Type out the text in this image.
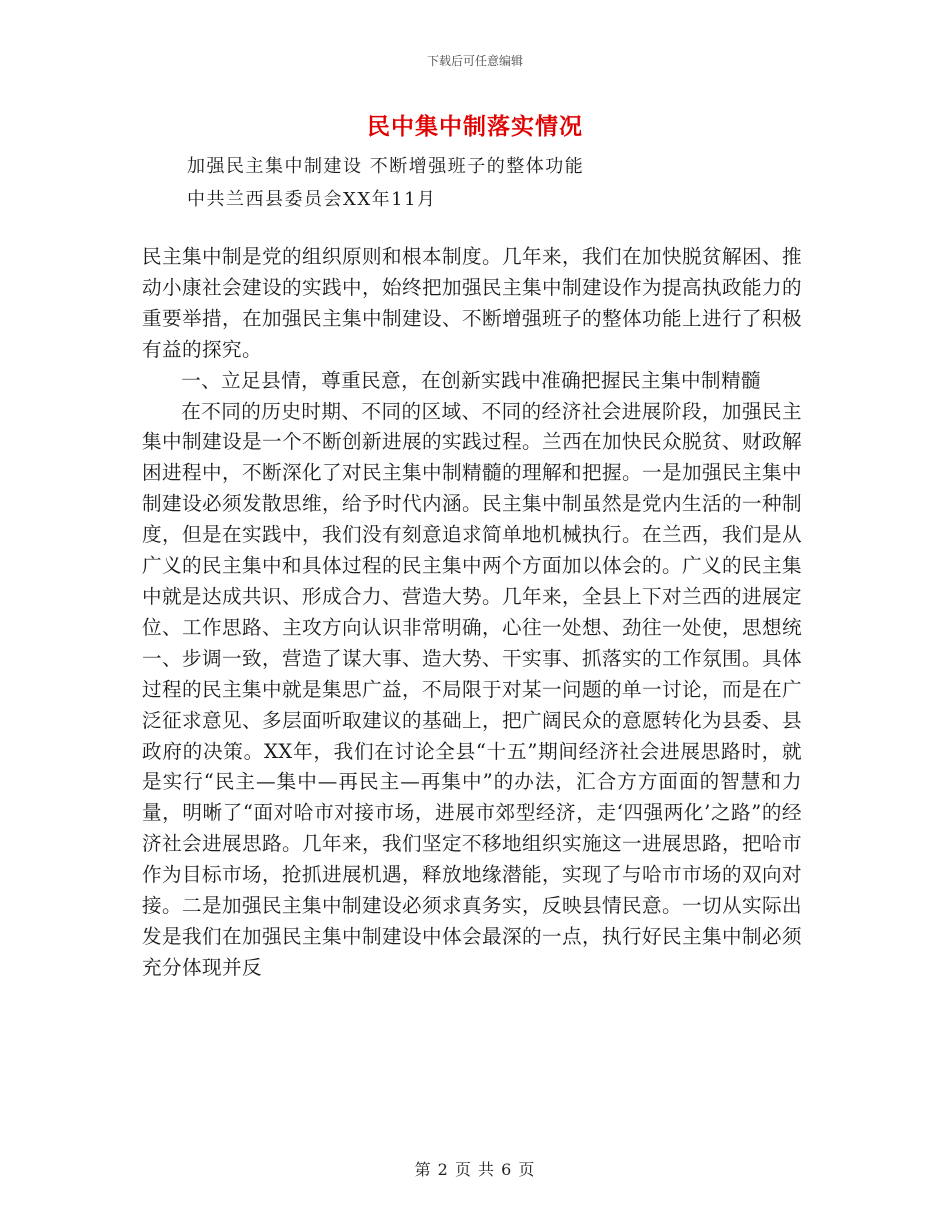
下载后可任意编辑
民中集中制落实情况
加强民主集中制建设 不断增强班子的整体功能
中共兰西县委员会XX年11月

民主集中制是党的组织原则和根本制度。几年来，我们在加快脱贫解困、推动小康社会建设的实践中，始终把加强民主集中制建设作为提高执政能力的重要举措，在加强民主集中制建设、不断增强班子的整体功能上进行了积极有益的探究。

一、立足县情，尊重民意，在创新实践中准确把握民主集中制精髓

在不同的历史时期、不同的区域、不同的经济社会进展阶段，加强民主集中制建设是一个不断创新进展的实践过程。兰西在加快民众脱贫、财政解困进程中，不断深化了对民主集中制精髓的理解和把握。一是加强民主集中制建设必须发散思维，给予时代内涵。民主集中制虽然是党内生活的一种制度，但是在实践中，我们没有刻意追求简单地机械执行。在兰西，我们是从广义的民主集中和具体过程的民主集中两个方面加以体会的。广义的民主集中就是达成共识、形成合力、营造大势。几年来，全县上下对兰西的进展定位、工作思路、主攻方向认识非常明确，心往一处想、劲往一处使，思想统一、步调一致，营造了谋大事、造大势、干实事、抓落实的工作氛围。具体过程的民主集中就是集思广益，不局限于对某一问题的单一讨论，而是在广泛征求意见、多层面听取建议的基础上，把广阔民众的意愿转化为县委、县政府的决策。XX年，我们在讨论全县“十五”期间经济社会进展思路时，就是实行“民主—集中—再民主—再集中”的办法，汇合方方面面的智慧和力量，明晰了“面对哈市对接市场，进展市郊型经济，走‘四强两化’之路”的经济社会进展思路。几年来，我们坚定不移地组织实施这一进展思路，把哈市作为目标市场，抢抓进展机遇，释放地缘潜能，实现了与哈市市场的双向对接。二是加强民主集中制建设必须求真务实，反映县情民意。一切从实际出发是我们在加强民主集中制建设中体会最深的一点，执行好民主集中制必须充分体现并反

第 2 页 共 6 页
